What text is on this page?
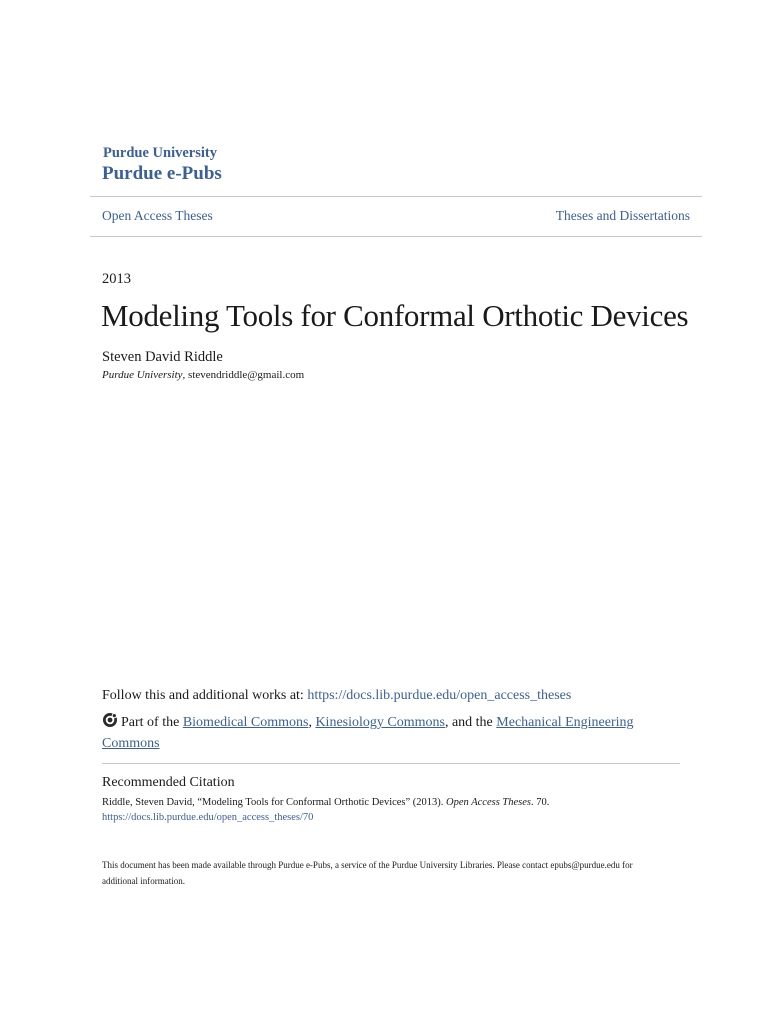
Purdue University
Purdue e-Pubs
Open Access Theses	Theses and Dissertations
2013
Modeling Tools for Conformal Orthotic Devices
Steven David Riddle
Purdue University, stevendriddle@gmail.com
Follow this and additional works at: https://docs.lib.purdue.edu/open_access_theses
Part of the Biomedical Commons, Kinesiology Commons, and the Mechanical Engineering Commons
Recommended Citation
Riddle, Steven David, “Modeling Tools for Conformal Orthotic Devices” (2013). Open Access Theses. 70.
https://docs.lib.purdue.edu/open_access_theses/70
This document has been made available through Purdue e-Pubs, a service of the Purdue University Libraries. Please contact epubs@purdue.edu for additional information.
